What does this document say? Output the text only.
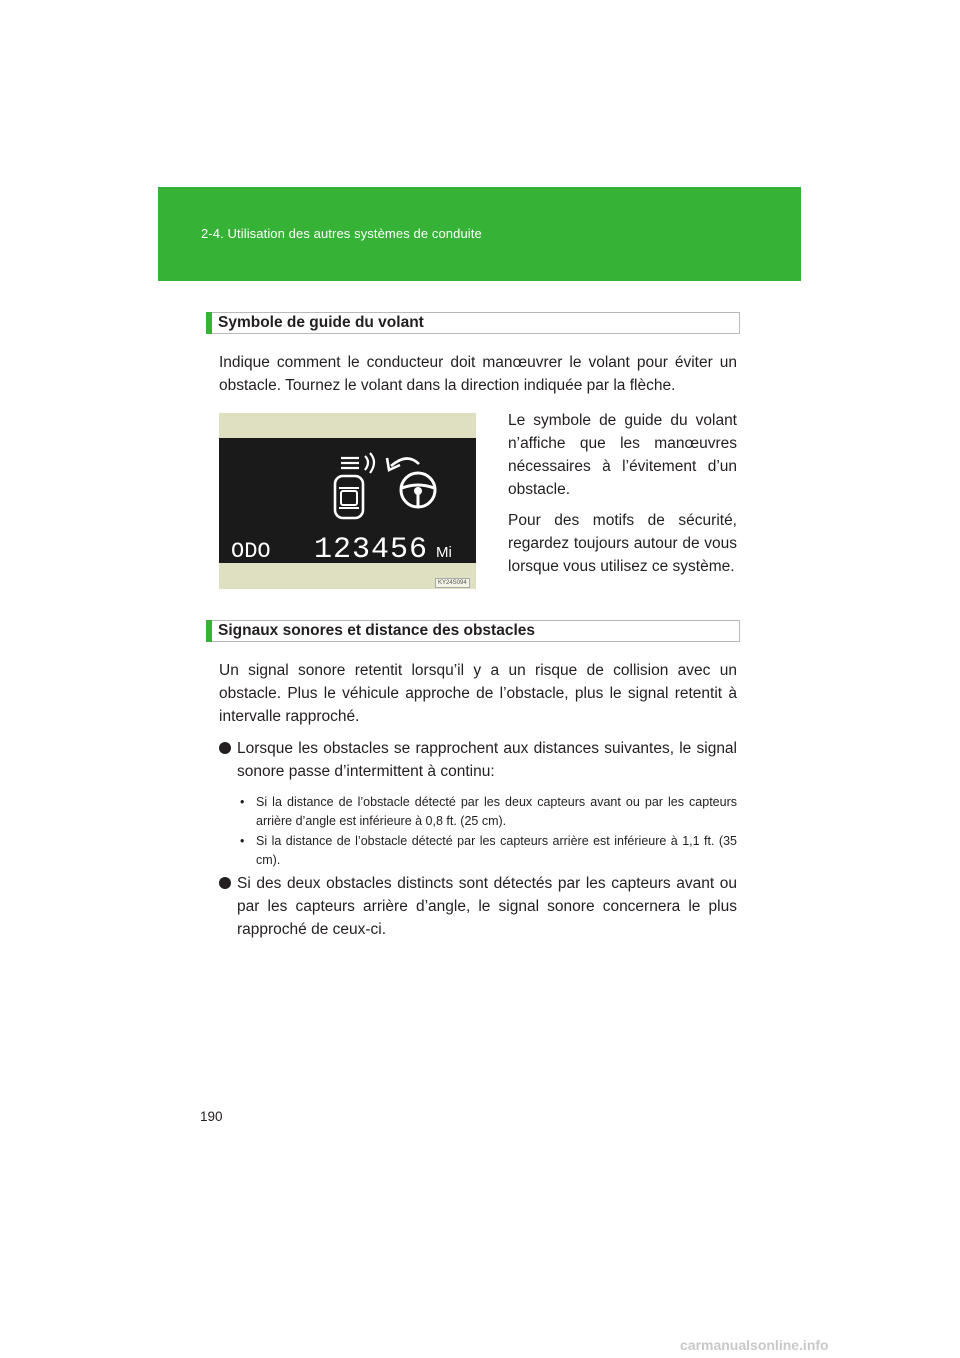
2-4. Utilisation des autres systèmes de conduite
Symbole de guide du volant

Indique comment le conducteur doit manœuvrer le volant pour éviter un obstacle. Tournez le volant dans la direction indiquée par la flèche.

ODO 123456 Mi
KY24S094

Le symbole de guide du volant n’affiche que les manœuvres nécessaires à l’évitement d’un obstacle.

Pour des motifs de sécurité, regardez toujours autour de vous lorsque vous utilisez ce système.

Signaux sonores et distance des obstacles

Un signal sonore retentit lorsqu’il y a un risque de collision avec un obstacle. Plus le véhicule approche de l’obstacle, plus le signal retentit à intervalle rapproché.

Lorsque les obstacles se rapprochent aux distances suivantes, le signal sonore passe d’intermittent à continu:
• Si la distance de l’obstacle détecté par les deux capteurs avant ou par les capteurs arrière d’angle est inférieure à 0,8 ft. (25 cm).
• Si la distance de l’obstacle détecté par les capteurs arrière est inférieure à 1,1 ft. (35 cm).
Si des deux obstacles distincts sont détectés par les capteurs avant ou par les capteurs arrière d’angle, le signal sonore concernera le plus rapproché de ceux-ci.
190
carmanualsonline.info
